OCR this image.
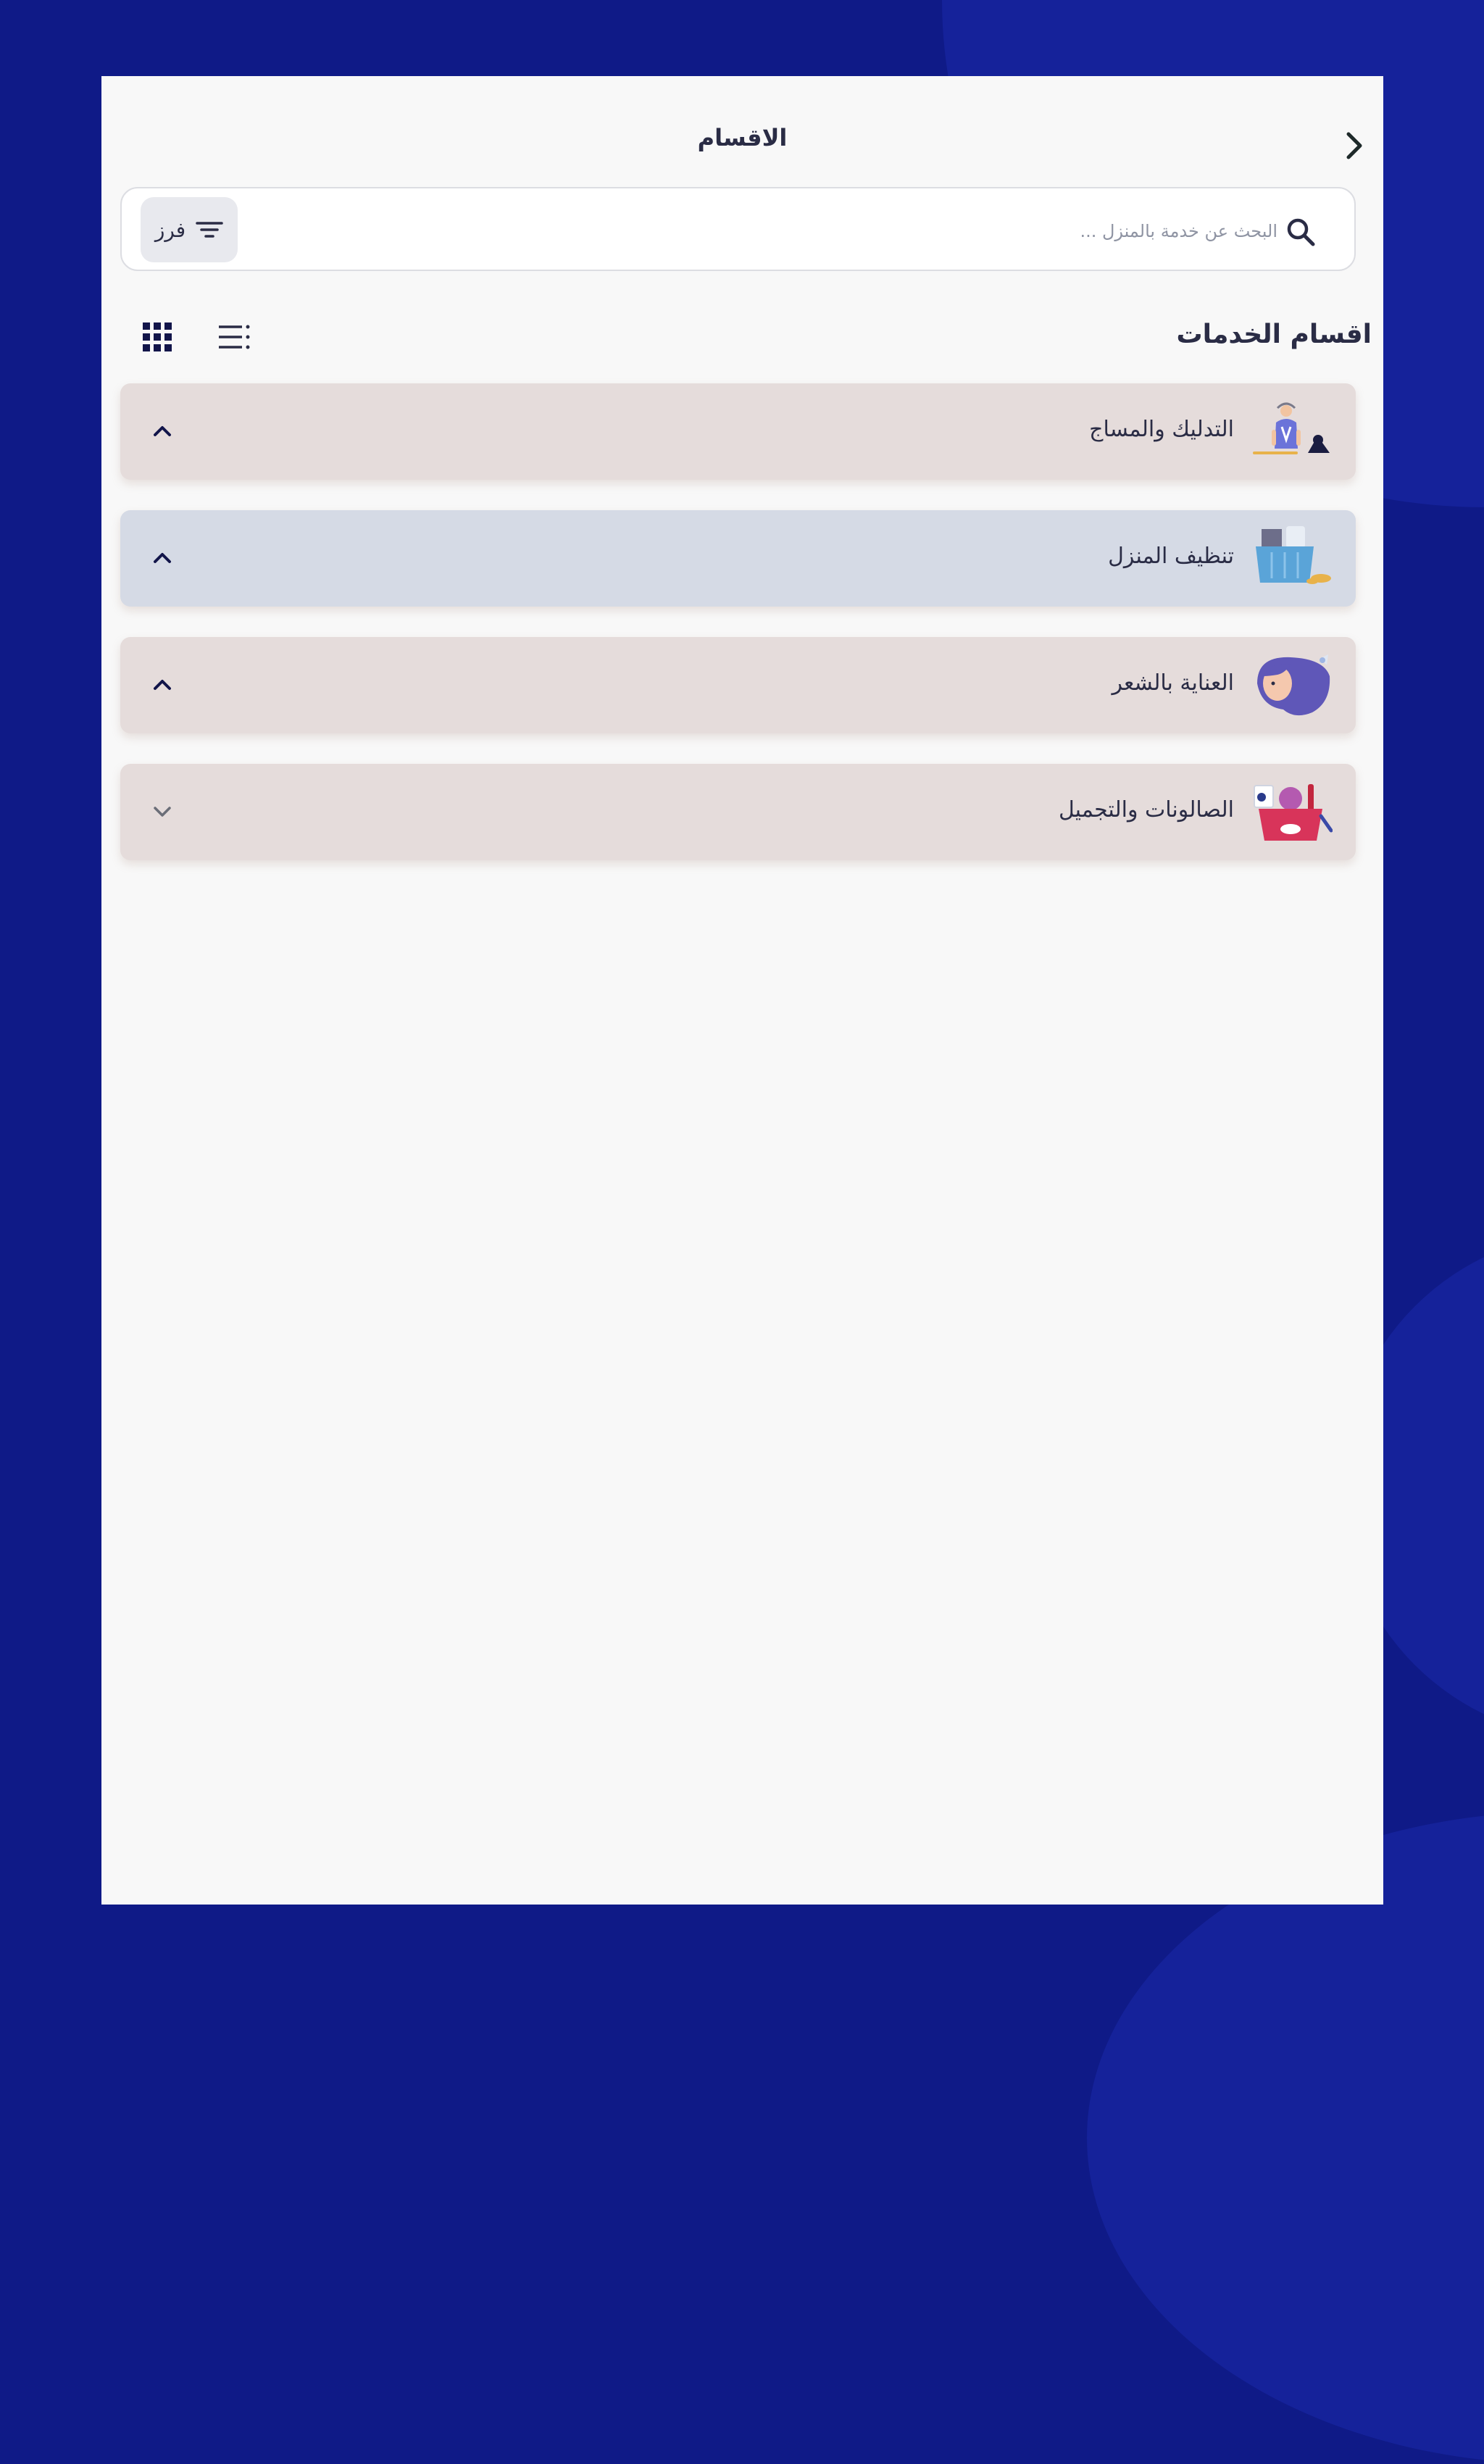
الاقسام
البحث عن خدمة بالمنزل ...
فرز
اقسام الخدمات
التدليك والمساج
تنظيف المنزل
العناية بالشعر
الصالونات والتجميل
